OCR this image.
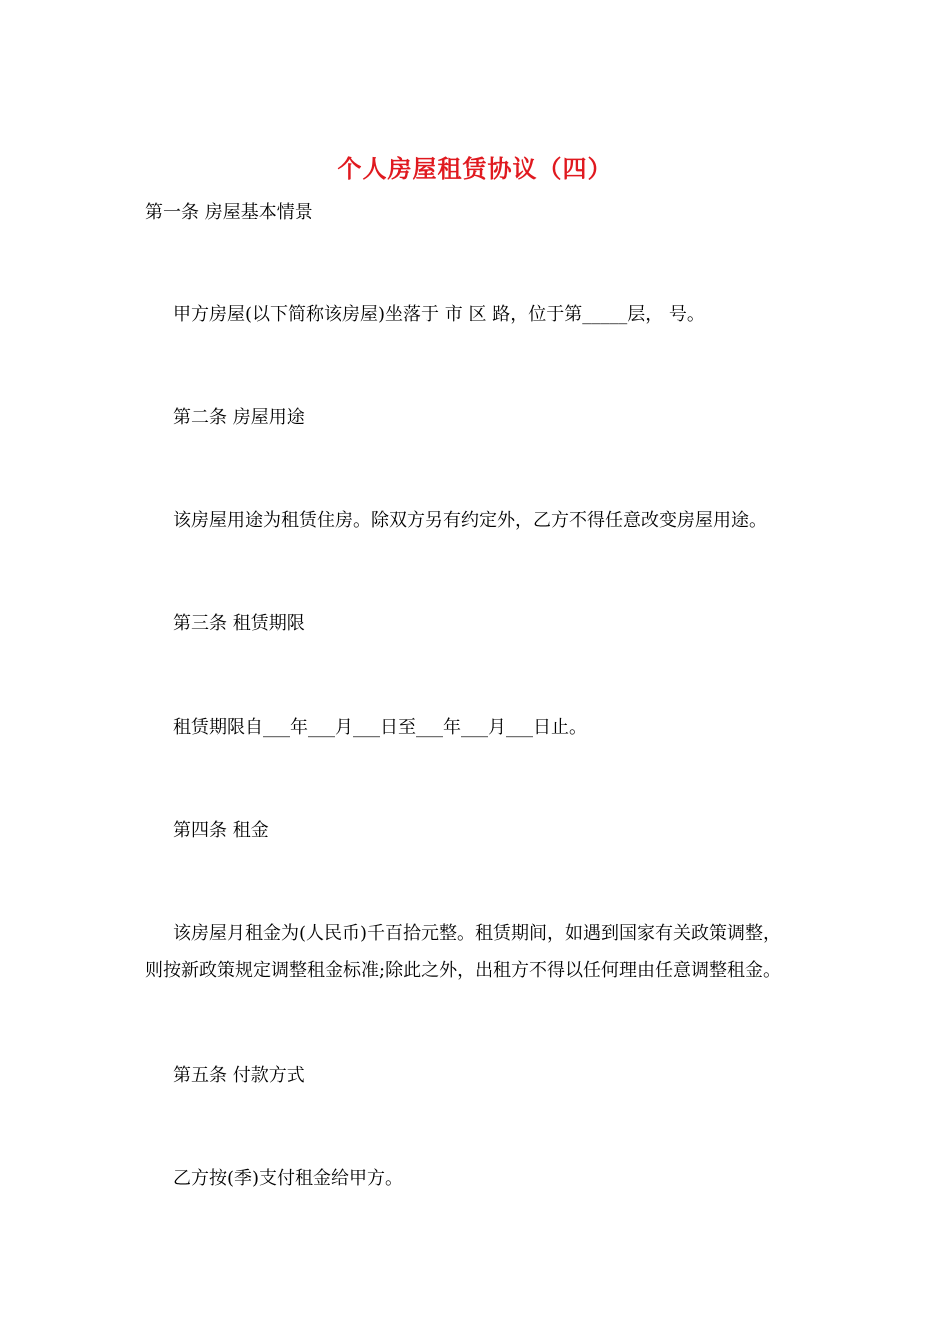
个人房屋租赁协议（四）
第一条 房屋基本情景
甲方房屋(以下简称该房屋)坐落于 市 区 路，位于第_____层， 号。
第二条 房屋用途
该房屋用途为租赁住房。除双方另有约定外，乙方不得任意改变房屋用途。
第三条 租赁期限
租赁期限自___年___月___日至___年___月___日止。
第四条 租金
该房屋月租金为(人民币)千百拾元整。租赁期间，如遇到国家有关政策调整，
则按新政策规定调整租金标准;除此之外，出租方不得以任何理由任意调整租金。
第五条 付款方式
乙方按(季)支付租金给甲方。
